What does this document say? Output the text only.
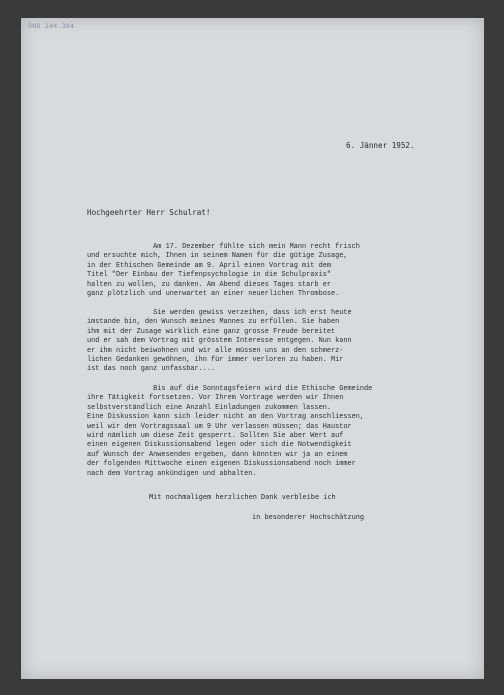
ÖNB 244.384
6. Jänner 1952.
Hochgeehrter Herr Schulrat!
Am 17. Dezember fühlte sich mein Mann recht frisch
und ersuchte mich, Ihnen in seinem Namen für die gütige Zusage,
in der Ethischen Gemeinde am 9. April einen Vortrag mit dem
Titel "Der Einbau der Tiefenpsychologie in die Schulpraxis"
halten zu wollen, zu danken. Am Abend dieses Tages starb er
ganz plötzlich und unerwartet an einer neuerlichen Thrombose.
Sie werden gewiss verzeihen, dass ich erst heute
imstande bin, den Wunsch meines Mannes zu erfüllen. Sie haben
ihm mit der Zusage wirklich eine ganz grosse Freude bereitet
und er sah dem Vortrag mit grösstem Interesse entgegen. Nun kann
er ihm nicht beiwohnen und wir alle müssen uns an den schmerz-
lichen Gedanken gewöhnen, ihn für immer verloren zu haben. Mir
ist das noch ganz unfassbar....
Bis auf die Sonntagsfeiern wird die Ethische Gemeinde
ihre Tätigkeit fortsetzen. Vor Ihrem Vortrage werden wir Ihnen
selbstverständlich eine Anzahl Einladungen zukommen lassen.
Eine Diskussion kann sich leider nicht an den Vortrag anschliessen,
weil wir den Vortragssaal um 9 Uhr verlassen müssen; das Haustor
wird nämlich um diese Zeit gesperrt. Sollten Sie aber Wert auf
einen eigenen Diskussionsabend legen oder sich die Notwendigkeit
auf Wunsch der Anwesenden ergeben, dann könnten wir ja an einem
der folgenden Mittwoche einen eigenen Diskussionsabend noch immer
nach dem Vortrag ankündigen und abhalten.
Mit nochmaligem herzlichen Dank verbleibe ich
in besonderer Hochschätzung
